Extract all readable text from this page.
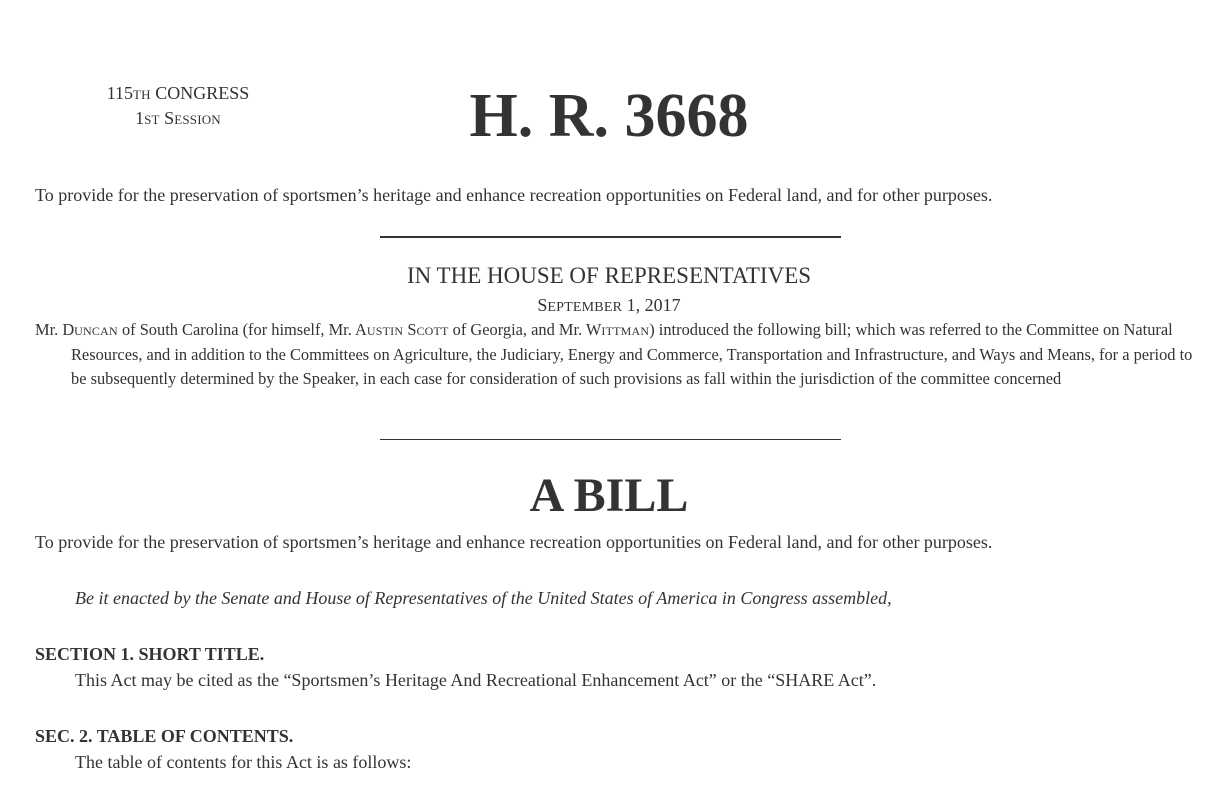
115TH CONGRESS
1ST SESSION	H. R. 3668
To provide for the preservation of sportsmen’s heritage and enhance recreation opportunities on Federal land, and for other purposes.
IN THE HOUSE OF REPRESENTATIVES
SEPTEMBER 1, 2017
Mr. DUNCAN of South Carolina (for himself, Mr. AUSTIN SCOTT of Georgia, and Mr. WITTMAN) introduced the following bill; which was referred to the Committee on Natural Resources, and in addition to the Committees on Agriculture, the Judiciary, Energy and Commerce, Transportation and Infrastructure, and Ways and Means, for a period to be subsequently determined by the Speaker, in each case for consideration of such provisions as fall within the jurisdiction of the committee concerned
A BILL
To provide for the preservation of sportsmen’s heritage and enhance recreation opportunities on Federal land, and for other purposes.
Be it enacted by the Senate and House of Representatives of the United States of America in Congress assembled,
SECTION 1. SHORT TITLE.
This Act may be cited as the “Sportsmen’s Heritage And Recreational Enhancement Act” or the “SHARE Act”.
SEC. 2. TABLE OF CONTENTS.
The table of contents for this Act is as follows:
